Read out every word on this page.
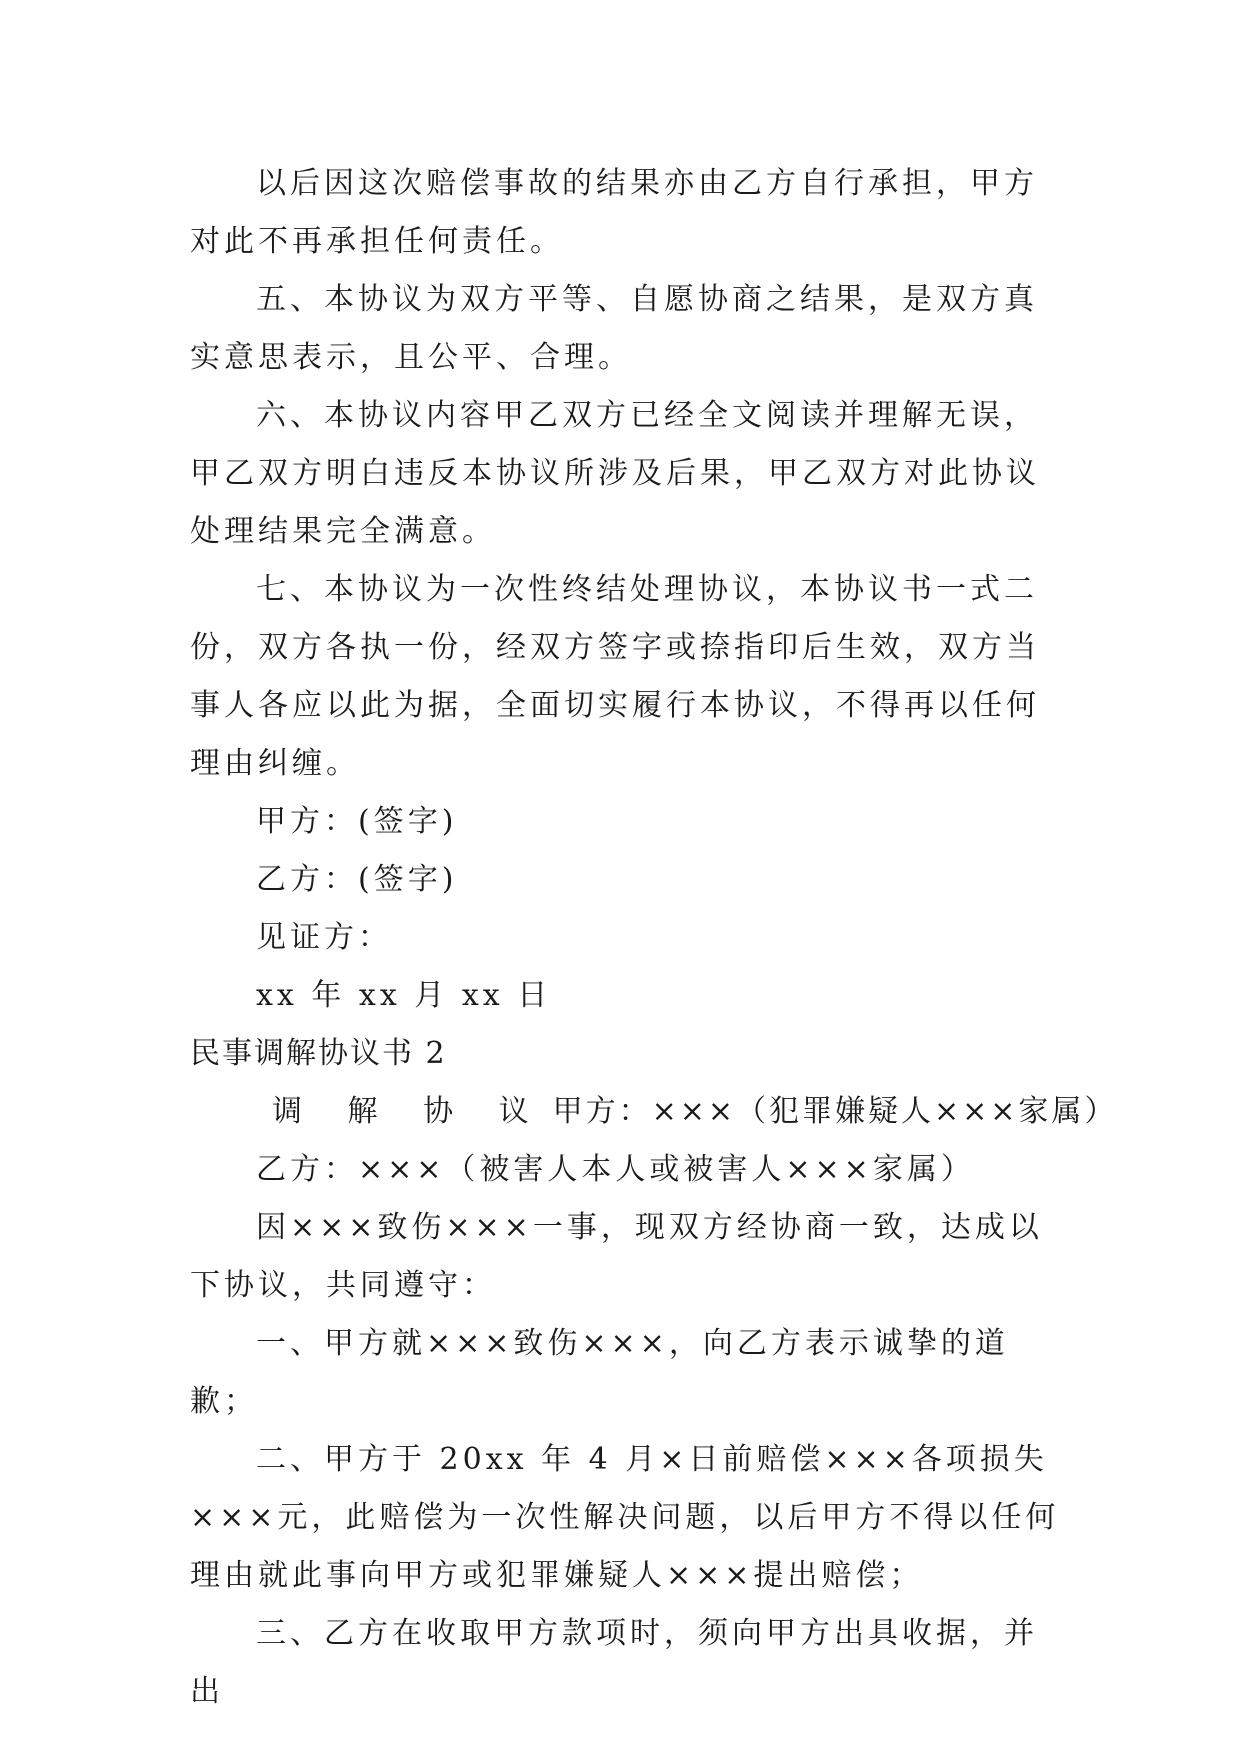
以后因这次赔偿事故的结果亦由乙方自行承担，甲方对此不再承担任何责任。

五、本协议为双方平等、自愿协商之结果，是双方真实意思表示，且公平、合理。

六、本协议内容甲乙双方已经全文阅读并理解无误，甲乙双方明白违反本协议所涉及后果，甲乙双方对此协议处理结果完全满意。

七、本协议为一次性终结处理协议，本协议书一式二份，双方各执一份，经双方签字或捺指印后生效，双方当事人各应以此为据，全面切实履行本协议，不得再以任何理由纠缠。

甲方：(签字)

乙方：(签字)

见证方：

xx 年 xx 月 xx 日

民事调解协议书 2

调 解 协 议 甲方：×××（犯罪嫌疑人×××家属）

乙方：×××（被害人本人或被害人×××家属）

因×××致伤×××一事，现双方经协商一致，达成以下协议，共同遵守：

一、甲方就×××致伤×××，向乙方表示诚挚的道歉；

二、甲方于 20xx 年 4 月×日前赔偿×××各项损失×××元，此赔偿为一次性解决问题，以后甲方不得以任何理由就此事向甲方或犯罪嫌疑人×××提出赔偿；

三、乙方在收取甲方款项时，须向甲方出具收据，并出
